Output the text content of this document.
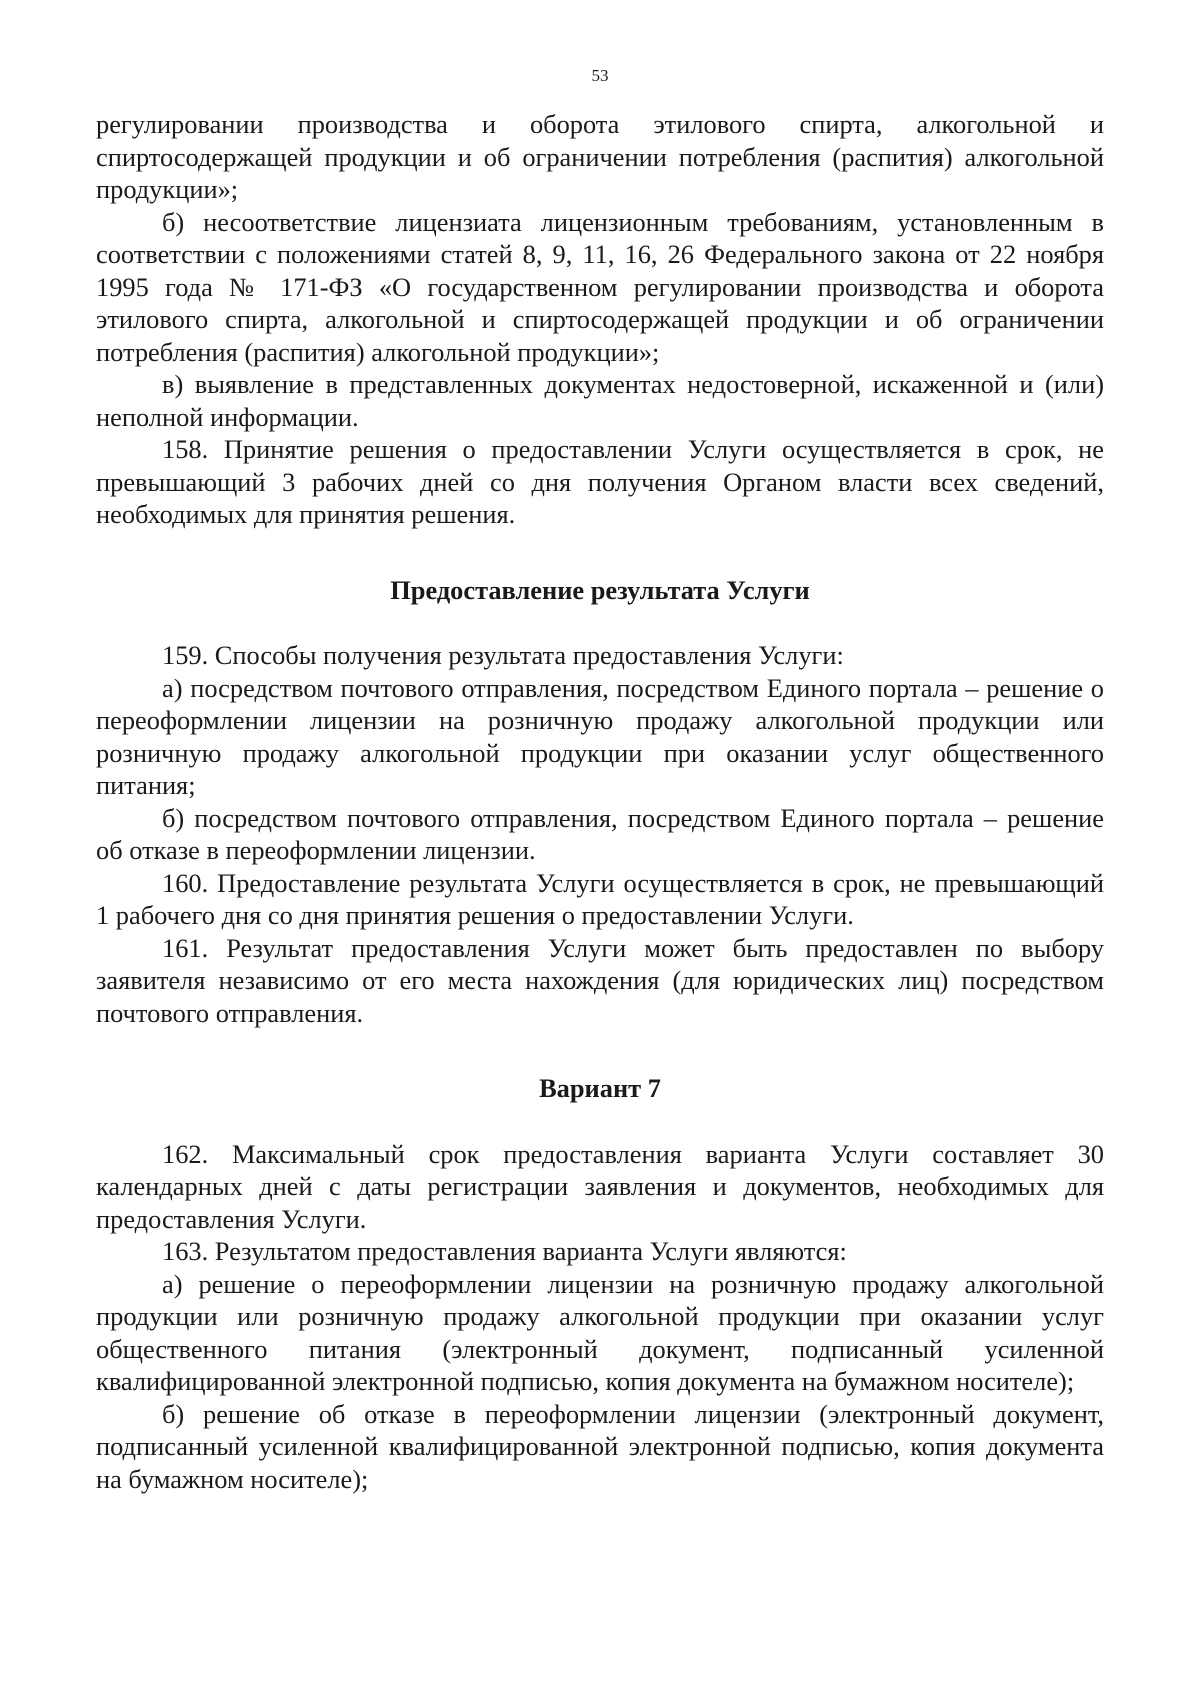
53

регулировании производства и оборота этилового спирта, алкогольной и спиртосодержащей продукции и об ограничении потребления (распития) алкогольной продукции»;

б) несоответствие лицензиата лицензионным требованиям, установленным в соответствии с положениями статей 8, 9, 11, 16, 26 Федерального закона от 22 ноября 1995 года № 171-ФЗ «О государственном регулировании производства и оборота этилового спирта, алкогольной и спиртосодержащей продукции и об ограничении потребления (распития) алкогольной продукции»;

в) выявление в представленных документах недостоверной, искаженной и (или) неполной информации.

158. Принятие решения о предоставлении Услуги осуществляется в срок, не превышающий 3 рабочих дней со дня получения Органом власти всех сведений, необходимых для принятия решения.

Предоставление результата Услуги

159. Способы получения результата предоставления Услуги:

а) посредством почтового отправления, посредством Единого портала – решение о переоформлении лицензии на розничную продажу алкогольной продукции или розничную продажу алкогольной продукции при оказании услуг общественного питания;

б) посредством почтового отправления, посредством Единого портала – решение об отказе в переоформлении лицензии.

160. Предоставление результата Услуги осуществляется в срок, не превышающий 1 рабочего дня со дня принятия решения о предоставлении Услуги.

161. Результат предоставления Услуги может быть предоставлен по выбору заявителя независимо от его места нахождения (для юридических лиц) посредством почтового отправления.

Вариант 7

162. Максимальный срок предоставления варианта Услуги составляет 30 календарных дней с даты регистрации заявления и документов, необходимых для предоставления Услуги.

163. Результатом предоставления варианта Услуги являются:

а) решение о переоформлении лицензии на розничную продажу алкогольной продукции или розничную продажу алкогольной продукции при оказании услуг общественного питания (электронный документ, подписанный усиленной квалифицированной электронной подписью, копия документа на бумажном носителе);

б) решение об отказе в переоформлении лицензии (электронный документ, подписанный усиленной квалифицированной электронной подписью, копия документа на бумажном носителе);
